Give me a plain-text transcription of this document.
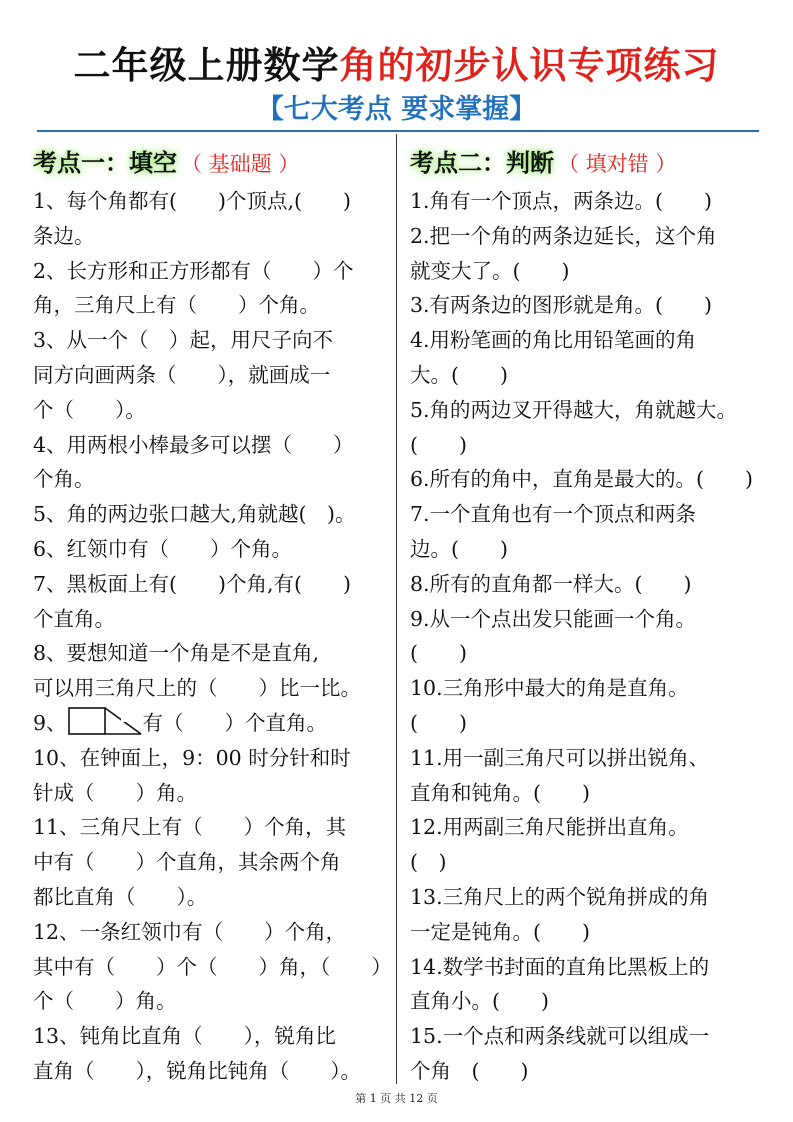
二年级上册数学角的初步认识专项练习
【七大考点 要求掌握】
考点一：填空 （ 基础题 ）
1、每个角都有(　　)个顶点,(　　)
条边。
2、长方形和正方形都有（　　）个
角，三角尺上有（　　）个角。
3、从一个（　）起，用尺子向不
同方向画两条（　　），就画成一
个（　　）。
4、用两根小棒最多可以摆（　　）
个角。
5、角的两边张口越大,角就越(　)。
6、红领巾有（　　）个角。
7、黑板面上有(　　)个角,有(　　)
个直角。
8、要想知道一个角是不是直角,
可以用三角尺上的（　　）比一比。
9、	有（　　）个直角。
10、在钟面上，9：00 时分针和时
针成（　　）角。
11、三角尺上有（　　）个角，其
中有（　　）个直角，其余两个角
都比直角（　　）。
12、一条红领巾有（　　）个角，
其中有（　　）个（　　）角，（　　）
个（　　）角。
13、钝角比直角（　　），锐角比
直角（　　），锐角比钝角（　　）。
考点二：判断 （ 填对错 ）
1.角有一个顶点，两条边。(　　)
2.把一个角的两条边延长，这个角
就变大了。(　　)
3.有两条边的图形就是角。(　　)
4.用粉笔画的角比用铅笔画的角
大。(　　)
5.角的两边叉开得越大，角就越大。
(　　)
6.所有的角中，直角是最大的。(　　)
7.一个直角也有一个顶点和两条
边。(　　)
8.所有的直角都一样大。(　　)
9.从一个点出发只能画一个角。
(　　)
10.三角形中最大的角是直角。
(　　)
11.用一副三角尺可以拼出锐角、
直角和钝角。(　　)
12.用两副三角尺能拼出直角。
(　)
13.三角尺上的两个锐角拼成的角
一定是钝角。(　　)
14.数学书封面的直角比黑板上的
直角小。(　　)
15.一个点和两条线就可以组成一
个角　(　　)
第 1 页 共 12 页
